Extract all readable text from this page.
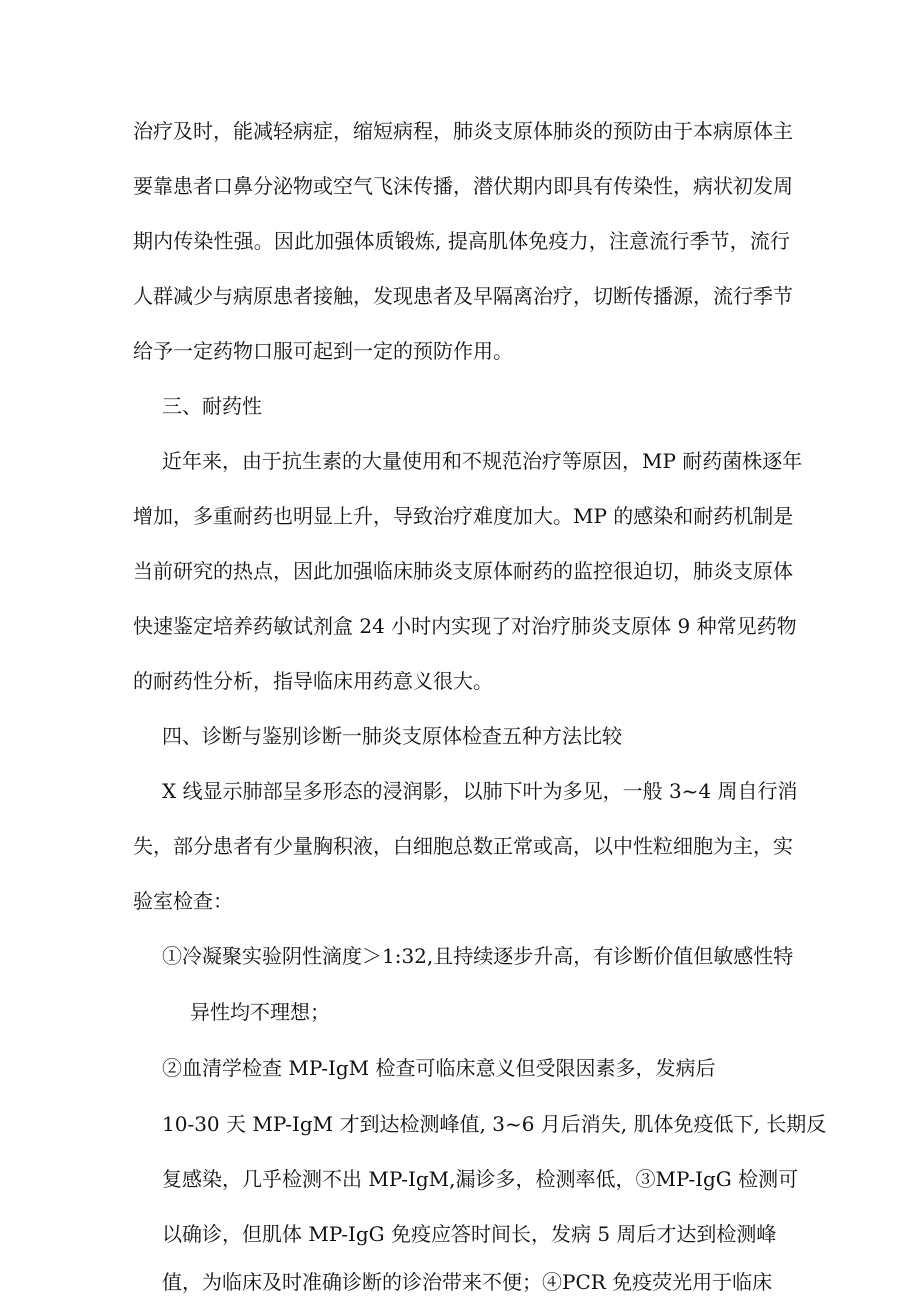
治疗及时，能减轻病症，缩短病程，肺炎支原体肺炎的预防由于本病原体主
要靠患者口鼻分泌物或空气飞沫传播，潜伏期内即具有传染性，病状初发周
期内传染性强。因此加强体质锻炼, 提高肌体免疫力，注意流行季节，流行
人群减少与病原患者接触，发现患者及早隔离治疗，切断传播源，流行季节
给予一定药物口服可起到一定的预防作用。
三、耐药性
近年来，由于抗生素的大量使用和不规范治疗等原因，MP 耐药菌株逐年
增加，多重耐药也明显上升，导致治疗难度加大。MP 的感染和耐药机制是
当前研究的热点，因此加强临床肺炎支原体耐药的监控很迫切，肺炎支原体
快速鉴定培养药敏试剂盒 24 小时内实现了对治疗肺炎支原体 9 种常见药物
的耐药性分析，指导临床用药意义很大。
四、诊断与鉴别诊断一肺炎支原体检查五种方法比较
X 线显示肺部呈多形态的浸润影，以肺下叶为多见，一般 3~4 周自行消
失，部分患者有少量胸积液，白细胞总数正常或高，以中性粒细胞为主，实
验室检查：
①冷凝聚实验阴性滴度＞1:32,且持续逐步升高，有诊断价值但敏感性特
异性均不理想；
②血清学检查 MP-IgM 检查可临床意义但受限因素多，发病后
10-30 天 MP-IgM 才到达检测峰值, 3~6 月后消失, 肌体免疫低下, 长期反
复感染，几乎检测不出 MP-IgM,漏诊多，检测率低，③MP-IgG 检测可
以确诊，但肌体 MP-IgG 免疫应答时间长，发病 5 周后才达到检测峰
值，为临床及时准确诊断的诊治带来不便；④PCR 免疫荧光用于临床
